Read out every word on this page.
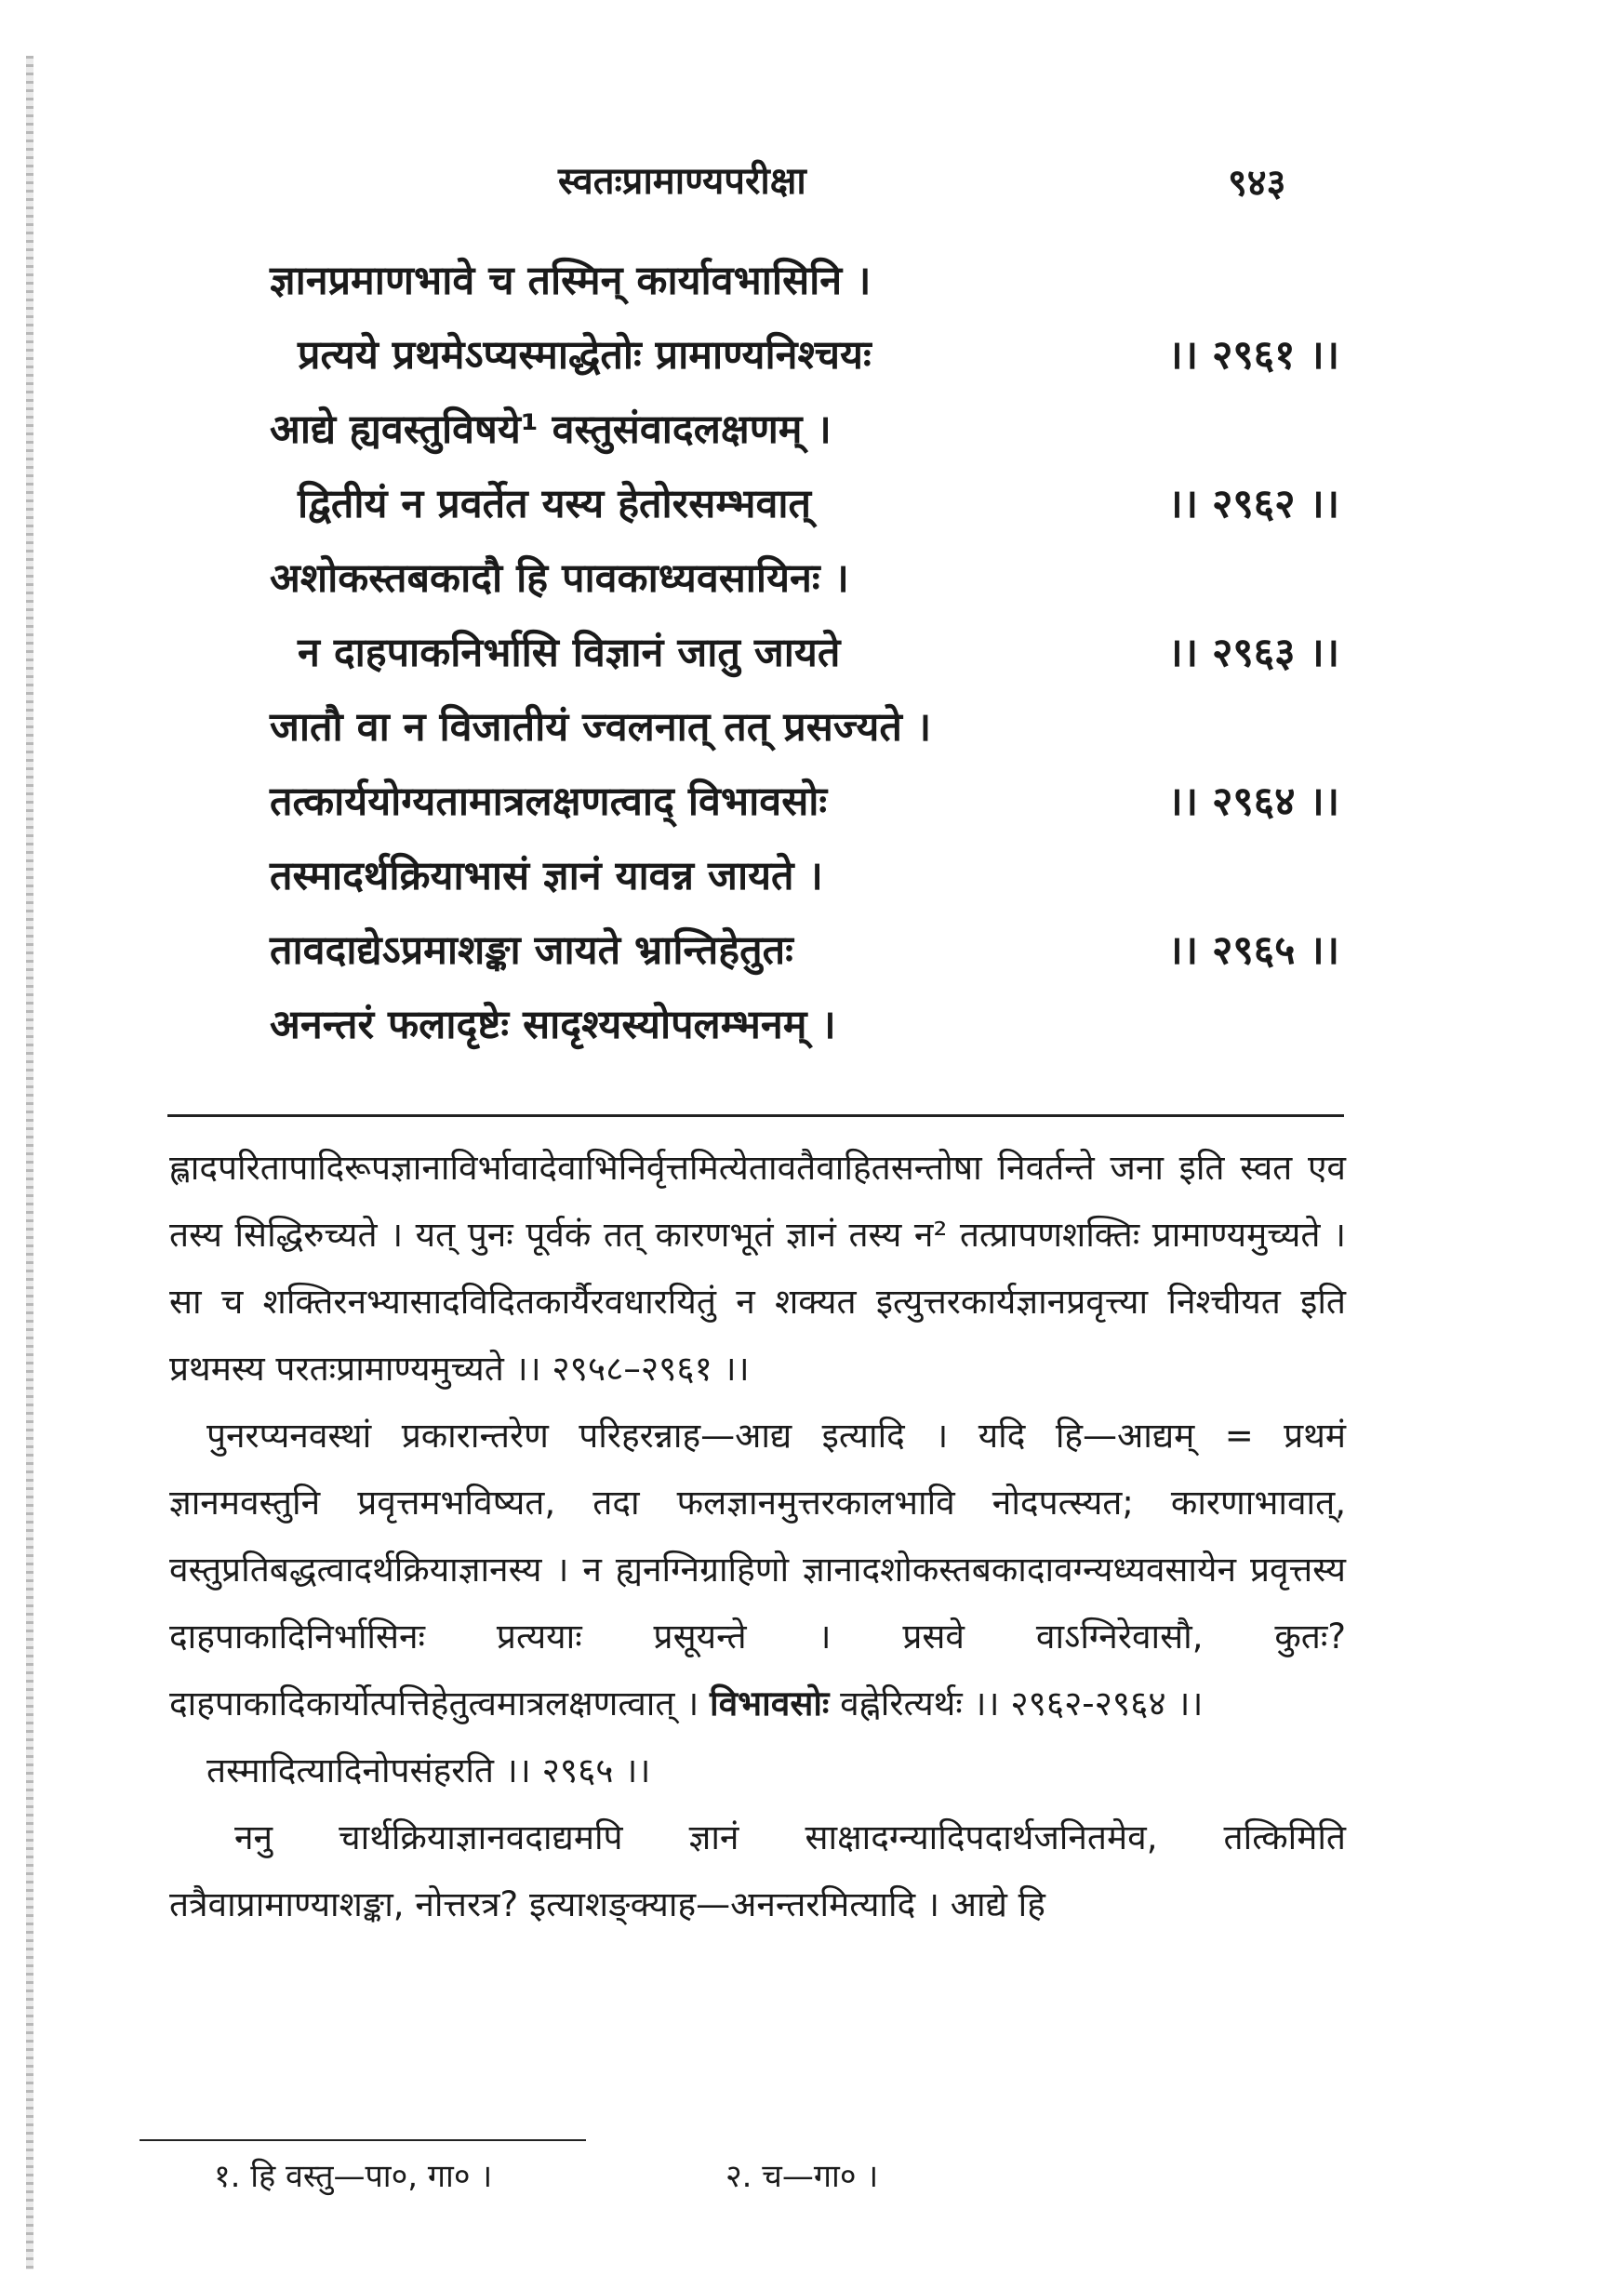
स्वतःप्रामाण्यपरीक्षा	९४३
ज्ञानप्रमाणभावे च तस्मिन् कार्यावभासिनि ।
प्रत्यये प्रथमेऽप्यस्माद्धेतोः प्रामाण्यनिश्चयः	।। २९६१ ।।
आद्ये ह्यवस्तुविषये¹ वस्तुसंवादलक्षणम् ।
द्वितीयं न प्रवर्तेत यस्य हेतोरसम्भवात्	।। २९६२ ।।
अशोकस्तबकादौ हि पावकाध्यवसायिनः ।
न दाहपाकनिर्भासि विज्ञानं जातु जायते	।। २९६३ ।।
जातौ वा न विजातीयं ज्वलनात् तत् प्रसज्यते ।
तत्कार्ययोग्यतामात्रलक्षणत्वाद् विभावसोः	।। २९६४ ।।
तस्मादर्थक्रियाभासं ज्ञानं यावन्न जायते ।
तावदाद्येऽप्रमाशङ्का जायते भ्रान्तिहेतुतः	।। २९६५ ।।
अनन्तरं फलादृष्टेः सादृश्यस्योपलम्भनम् ।

ह्लादपरितापादिरूपज्ञानाविर्भावादेवाभिनिर्वृत्तमित्येतावतैवाहितसन्तोषा निवर्तन्ते जना इति स्वत एव तस्य सिद्धिरुच्यते । यत् पुनः पूर्वकं तत् कारणभूतं ज्ञानं तस्य न² तत्प्रापणशक्तिः प्रामाण्यमुच्यते । सा च शक्तिरनभ्यासादविदितकार्यैरवधारयितुं न शक्यत इत्युत्तरकार्यज्ञानप्रवृत्त्या निश्चीयत इति प्रथमस्य परतःप्रामाण्यमुच्यते ।। २९५८–२९६१ ।।

पुनरप्यनवस्थां प्रकारान्तरेण परिहरन्नाह—आद्य इत्यादि । यदि हि—आद्यम् = प्रथमं ज्ञानमवस्तुनि प्रवृत्तमभविष्यत, तदा फलज्ञानमुत्तरकालभावि नोदपत्स्यत; कारणाभावात्, वस्तुप्रतिबद्धत्वादर्थक्रियाज्ञानस्य । न ह्यनग्निग्राहिणो ज्ञानादशोकस्तबकादावग्न्यध्यवसायेन प्रवृत्तस्य दाहपाकादिनिर्भासिनः प्रत्ययाः प्रसूयन्ते । प्रसवे वाऽग्निरेवासौ, कुतः? दाहपाकादिकार्योत्पत्तिहेतुत्वमात्रलक्षणत्वात् । विभावसोः वह्नेरित्यर्थः ।। २९६२-२९६४ ।।

तस्मादित्यादिनोपसंहरति ।। २९६५ ।।

ननु चार्थक्रियाज्ञानवदाद्यमपि ज्ञानं साक्षादग्न्यादिपदार्थजनितमेव, तत्किमिति तत्रैवाप्रामाण्याशङ्का, नोत्तरत्र? इत्याशङ्क्याह—अनन्तरमित्यादि । आद्ये हि

१. हि वस्तु—पा०, गा० ।	२. च—गा० ।
